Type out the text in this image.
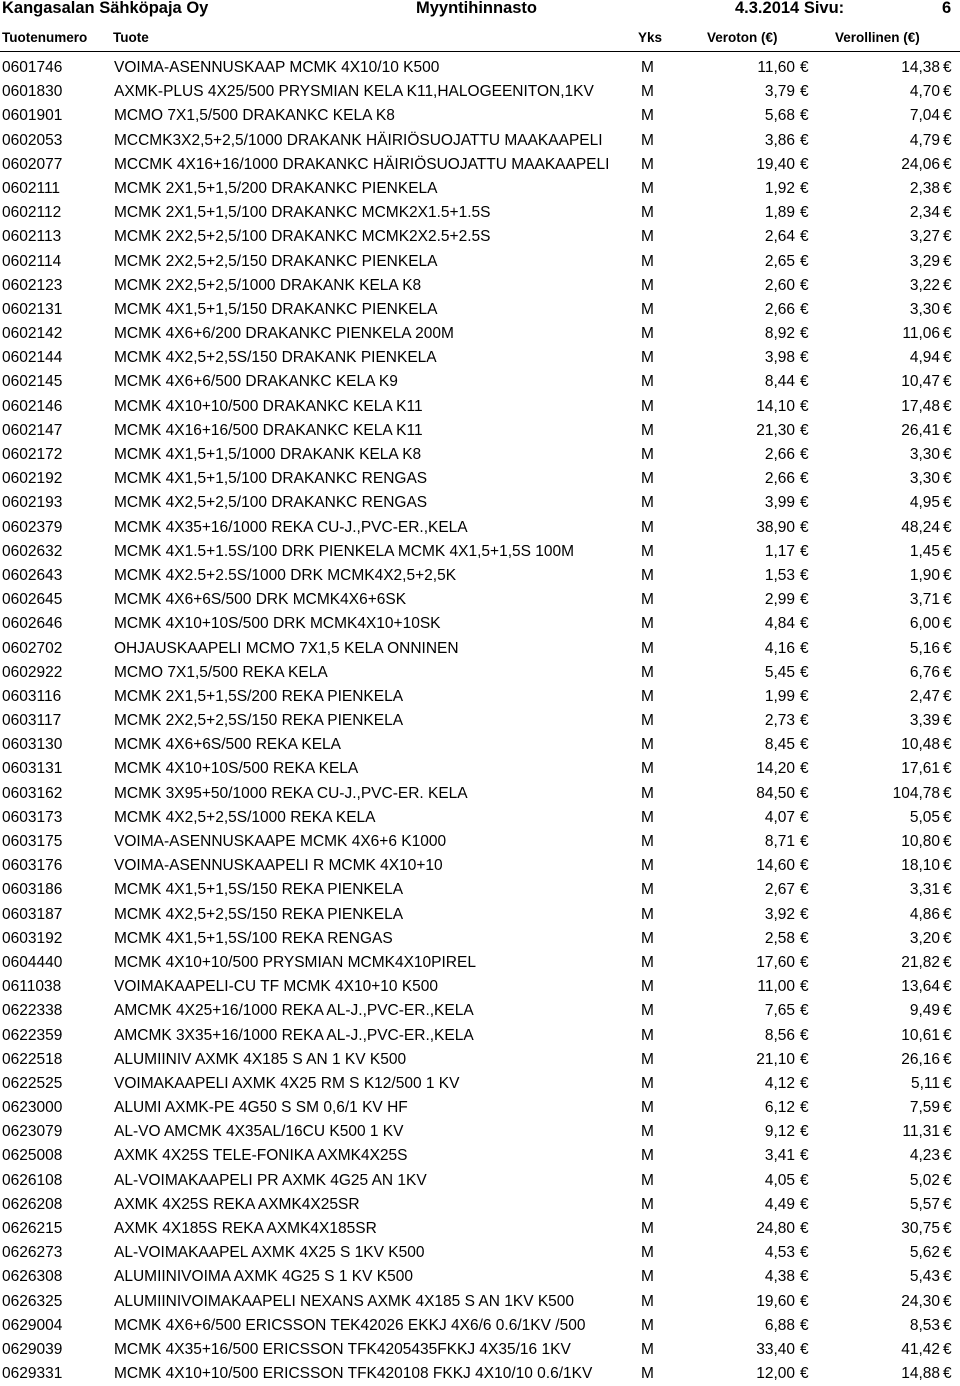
Kangasalan Sähköpaja Oy	Myyntihinnasto	4.3.2014 Sivu:	6
Tuotenumero Tuote	Yks	Veroton (€)	Verollinen (€)
0601746	VOIMA-ASENNUSKAAP MCMK 4X10/10 K500	M	11,60 €	14,38 €
0601830	AXMK-PLUS 4X25/500 PRYSMIAN KELA K11,HALOGEENITON,1KV	M	3,79 €	4,70 €
0601901	MCMO 7X1,5/500 DRAKANKC KELA K8	M	5,68 €	7,04 €
0602053	MCCMK3X2,5+2,5/1000 DRAKANK HÄIRIÖSUOJATTU MAAKAAPELI	M	3,86 €	4,79 €
0602077	MCCMK 4X16+16/1000 DRAKANKC HÄIRIÖSUOJATTU MAAKAAPELI	M	19,40 €	24,06 €
0602111	MCMK 2X1,5+1,5/200 DRAKANKC PIENKELA	M	1,92 €	2,38 €
0602112	MCMK 2X1,5+1,5/100 DRAKANKC MCMK2X1.5+1.5S	M	1,89 €	2,34 €
0602113	MCMK 2X2,5+2,5/100 DRAKANKC MCMK2X2.5+2.5S	M	2,64 €	3,27 €
0602114	MCMK 2X2,5+2,5/150 DRAKANKC PIENKELA	M	2,65 €	3,29 €
0602123	MCMK 2X2,5+2,5/1000 DRAKANK KELA K8	M	2,60 €	3,22 €
0602131	MCMK 4X1,5+1,5/150 DRAKANKC PIENKELA	M	2,66 €	3,30 €
0602142	MCMK 4X6+6/200 DRAKANKC PIENKELA 200M	M	8,92 €	11,06 €
0602144	MCMK 4X2,5+2,5S/150 DRAKANK PIENKELA	M	3,98 €	4,94 €
0602145	MCMK 4X6+6/500 DRAKANKC KELA K9	M	8,44 €	10,47 €
0602146	MCMK 4X10+10/500 DRAKANKC KELA K11	M	14,10 €	17,48 €
0602147	MCMK 4X16+16/500 DRAKANKC KELA K11	M	21,30 €	26,41 €
0602172	MCMK 4X1,5+1,5/1000 DRAKANK KELA K8	M	2,66 €	3,30 €
0602192	MCMK 4X1,5+1,5/100 DRAKANKC RENGAS	M	2,66 €	3,30 €
0602193	MCMK 4X2,5+2,5/100 DRAKANKC RENGAS	M	3,99 €	4,95 €
0602379	MCMK 4X35+16/1000 REKA CU-J.,PVC-ER.,KELA	M	38,90 €	48,24 €
0602632	MCMK 4X1.5+1.5S/100 DRK PIENKELA MCMK 4X1,5+1,5S 100M	M	1,17 €	1,45 €
0602643	MCMK 4X2.5+2.5S/1000 DRK MCMK4X2,5+2,5K	M	1,53 €	1,90 €
0602645	MCMK 4X6+6S/500 DRK MCMK4X6+6SK	M	2,99 €	3,71 €
0602646	MCMK 4X10+10S/500 DRK MCMK4X10+10SK	M	4,84 €	6,00 €
0602702	OHJAUSKAAPELI MCMO 7X1,5 KELA ONNINEN	M	4,16 €	5,16 €
0602922	MCMO 7X1,5/500 REKA KELA	M	5,45 €	6,76 €
0603116	MCMK 2X1,5+1,5S/200 REKA PIENKELA	M	1,99 €	2,47 €
0603117	MCMK 2X2,5+2,5S/150 REKA PIENKELA	M	2,73 €	3,39 €
0603130	MCMK 4X6+6S/500 REKA KELA	M	8,45 €	10,48 €
0603131	MCMK 4X10+10S/500 REKA KELA	M	14,20 €	17,61 €
0603162	MCMK 3X95+50/1000 REKA CU-J.,PVC-ER. KELA	M	84,50 €	104,78 €
0603173	MCMK 4X2,5+2,5S/1000 REKA KELA	M	4,07 €	5,05 €
0603175	VOIMA-ASENNUSKAAPE MCMK 4X6+6 K1000	M	8,71 €	10,80 €
0603176	VOIMA-ASENNUSKAAPELI R MCMK 4X10+10	M	14,60 €	18,10 €
0603186	MCMK 4X1,5+1,5S/150 REKA PIENKELA	M	2,67 €	3,31 €
0603187	MCMK 4X2,5+2,5S/150 REKA PIENKELA	M	3,92 €	4,86 €
0603192	MCMK 4X1,5+1,5S/100 REKA RENGAS	M	2,58 €	3,20 €
0604440	MCMK 4X10+10/500 PRYSMIAN MCMK4X10PIREL	M	17,60 €	21,82 €
0611038	VOIMAKAAPELI-CU TF MCMK 4X10+10 K500	M	11,00 €	13,64 €
0622338	AMCMK 4X25+16/1000 REKA AL-J.,PVC-ER.,KELA	M	7,65 €	9,49 €
0622359	AMCMK 3X35+16/1000 REKA AL-J.,PVC-ER.,KELA	M	8,56 €	10,61 €
0622518	ALUMIINIV AXMK 4X185 S AN 1 KV K500	M	21,10 €	26,16 €
0622525	VOIMAKAAPELI AXMK 4X25 RM S K12/500 1 KV	M	4,12 €	5,11 €
0623000	ALUMI AXMK-PE 4G50 S SM 0,6/1 KV HF	M	6,12 €	7,59 €
0623079	AL-VO AMCMK 4X35AL/16CU K500 1 KV	M	9,12 €	11,31 €
0625008	AXMK 4X25S TELE-FONIKA AXMK4X25S	M	3,41 €	4,23 €
0626108	AL-VOIMAKAAPELI PR AXMK 4G25 AN 1KV	M	4,05 €	5,02 €
0626208	AXMK 4X25S REKA AXMK4X25SR	M	4,49 €	5,57 €
0626215	AXMK 4X185S REKA AXMK4X185SR	M	24,80 €	30,75 €
0626273	AL-VOIMAKAAPEL AXMK 4X25 S 1KV K500	M	4,53 €	5,62 €
0626308	ALUMIINIVOIMA AXMK 4G25 S 1 KV K500	M	4,38 €	5,43 €
0626325	ALUMIINIVOIMAKAAPELI NEXANS AXMK 4X185 S AN 1KV K500	M	19,60 €	24,30 €
0629004	MCMK 4X6+6/500 ERICSSON TEK42026 EKKJ 4X6/6 0.6/1KV /500	M	6,88 €	8,53 €
0629039	MCMK 4X35+16/500 ERICSSON TFK4205435FKKJ 4X35/16 1KV	M	33,40 €	41,42 €
0629331	MCMK 4X10+10/500 ERICSSON TFK420108 FKKJ 4X10/10 0.6/1KV	M	12,00 €	14,88 €
